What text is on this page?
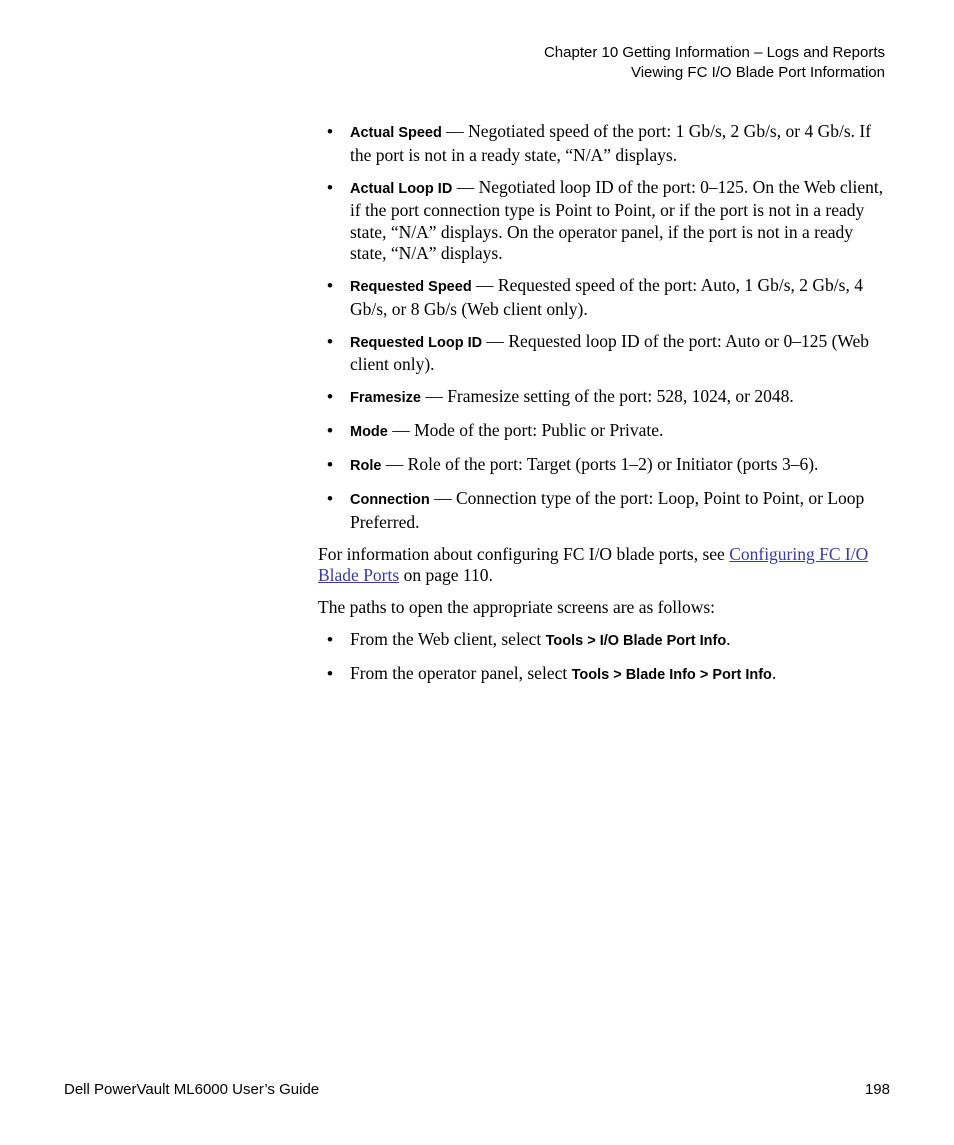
Chapter 10 Getting Information – Logs and Reports
Viewing FC I/O Blade Port Information
• Actual Speed — Negotiated speed of the port: 1 Gb/s, 2 Gb/s, or 4 Gb/s. If the port is not in a ready state, “N/A” displays.
• Actual Loop ID — Negotiated loop ID of the port: 0–125. On the Web client, if the port connection type is Point to Point, or if the port is not in a ready state, “N/A” displays. On the operator panel, if the port is not in a ready state, “N/A” displays.
• Requested Speed — Requested speed of the port: Auto, 1 Gb/s, 2 Gb/s, 4 Gb/s, or 8 Gb/s (Web client only).
• Requested Loop ID — Requested loop ID of the port: Auto or 0–125 (Web client only).
• Framesize — Framesize setting of the port: 528, 1024, or 2048.
• Mode — Mode of the port: Public or Private.
• Role — Role of the port: Target (ports 1–2) or Initiator (ports 3–6).
• Connection — Connection type of the port: Loop, Point to Point, or Loop Preferred.

For information about configuring FC I/O blade ports, see Configuring FC I/O Blade Ports on page 110.

The paths to open the appropriate screens are as follows:

• From the Web client, select Tools > I/O Blade Port Info.
• From the operator panel, select Tools > Blade Info > Port Info.
Dell PowerVault ML6000 User’s Guide	198
